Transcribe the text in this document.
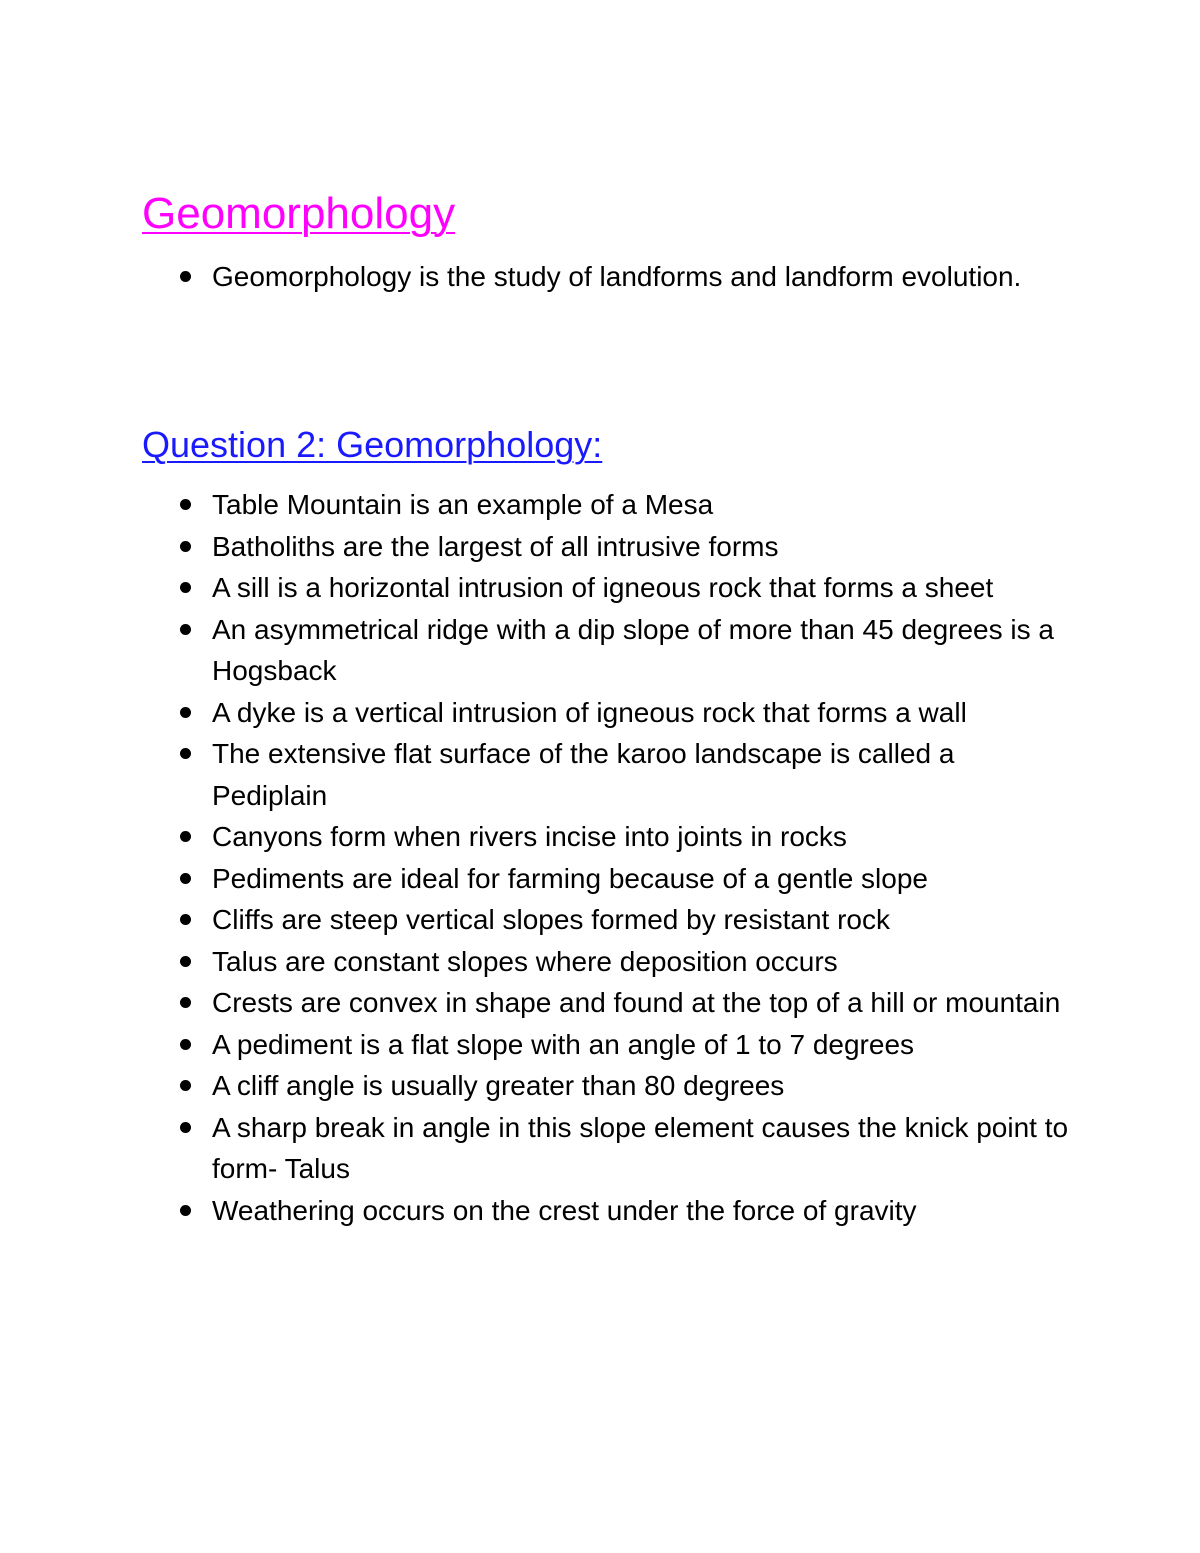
Geomorphology
Geomorphology is the study of landforms and landform evolution.
Question 2: Geomorphology:
Table Mountain is an example of a Mesa
Batholiths are the largest of all intrusive forms
A sill is a horizontal intrusion of igneous rock that forms a sheet
An asymmetrical ridge with a dip slope of more than 45 degrees is a Hogsback
A dyke is a vertical intrusion of igneous rock that forms a wall
The extensive flat surface of the karoo landscape is called a Pediplain
Canyons form when rivers incise into joints in rocks
Pediments are ideal for farming because of a gentle slope
Cliffs are steep vertical slopes formed by resistant rock
Talus are constant slopes where deposition occurs
Crests are convex in shape and found at the top of a hill or mountain
A pediment is a flat slope with an angle of 1 to 7 degrees
A cliff angle is usually greater than 80 degrees
A sharp break in angle in this slope element causes the knick point to form- Talus
Weathering occurs on the crest under the force of gravity
